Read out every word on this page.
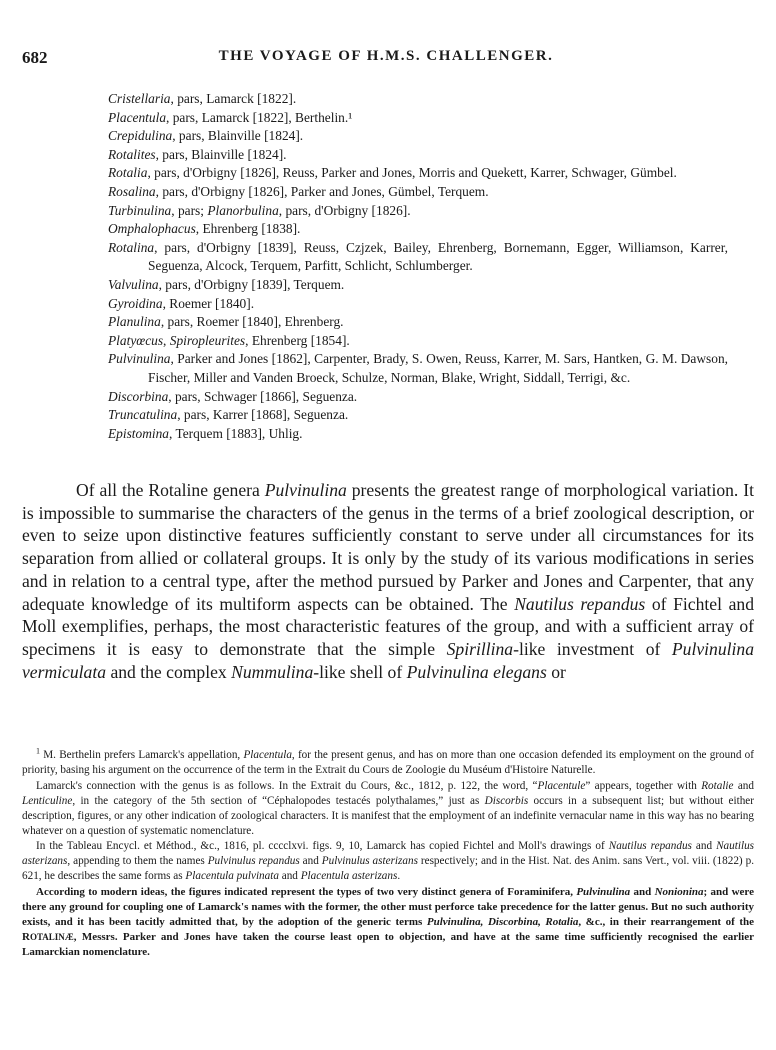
682	THE VOYAGE OF H.M.S. CHALLENGER.

Cristellaria, pars, Lamarck [1822].

Placentula, pars, Lamarck [1822], Berthelin.¹

Crepidulina, pars, Blainville [1824].

Rotalites, pars, Blainville [1824].

Rotalia, pars, d'Orbigny [1826], Reuss, Parker and Jones, Morris and Quekett, Karrer, Schwager, Gümbel.

Rosalina, pars, d'Orbigny [1826], Parker and Jones, Gümbel, Terquem.

Turbinulina, pars; Planorbulina, pars, d'Orbigny [1826].

Omphalophacus, Ehrenberg [1838].

Rotalina, pars, d'Orbigny [1839], Reuss, Czjzek, Bailey, Ehrenberg, Bornemann, Egger, Williamson, Karrer, Seguenza, Alcock, Terquem, Parfitt, Schlicht, Schlumberger.

Valvulina, pars, d'Orbigny [1839], Terquem.

Gyroidina, Roemer [1840].

Planulina, pars, Roemer [1840], Ehrenberg.

Platyœcus, Spiropleurites, Ehrenberg [1854].

Pulvinulina, Parker and Jones [1862], Carpenter, Brady, S. Owen, Reuss, Karrer, M. Sars, Hantken, G. M. Dawson, Fischer, Miller and Vanden Broeck, Schulze, Norman, Blake, Wright, Siddall, Terrigi, &c.

Discorbina, pars, Schwager [1866], Seguenza.

Truncatulina, pars, Karrer [1868], Seguenza.

Epistomina, Terquem [1883], Uhlig.

Of all the Rotaline genera Pulvinulina presents the greatest range of morphological variation. It is impossible to summarise the characters of the genus in the terms of a brief zoological description, or even to seize upon distinctive features sufficiently constant to serve under all circumstances for its separation from allied or collateral groups. It is only by the study of its various modifications in series and in relation to a central type, after the method pursued by Parker and Jones and Carpenter, that any adequate knowledge of its multiform aspects can be obtained. The Nautilus repandus of Fichtel and Moll exemplifies, perhaps, the most characteristic features of the group, and with a sufficient array of specimens it is easy to demonstrate that the simple Spirillina-like investment of Pulvinulina vermiculata and the complex Nummulina-like shell of Pulvinulina elegans or

$^1$ M. Berthelin prefers Lamarck's appellation, Placentula, for the present genus, and has on more than one occasion defended its employment on the ground of priority, basing his argument on the occurrence of the term in the Extrait du Cours de Zoologie du Muséum d'Histoire Naturelle.

Lamarck's connection with the genus is as follows. In the Extrait du Cours, &c., 1812, p. 122, the word, “Placentule” appears, together with Rotalie and Lenticuline, in the category of the 5th section of “Céphalopodes testacés polythalames,” just as Discorbis occurs in a subsequent list; but without either description, figures, or any other indication of zoological characters. It is manifest that the employment of an indefinite vernacular name in this way has no bearing whatever on a question of systematic nomenclature.

In the Tableau Encycl. et Méthod., &c., 1816, pl. cccclxvi. figs. 9, 10, Lamarck has copied Fichtel and Moll's drawings of Nautilus repandus and Nautilus asterizans, appending to them the names Pulvinulus repandus and Pulvinulus asterizans respectively; and in the Hist. Nat. des Anim. sans Vert., vol. viii. (1822) p. 621, he describes the same forms as Placentula pulvinata and Placentula asterizans.

According to modern ideas, the figures indicated represent the types of two very distinct genera of Foraminifera, Pulvinulina and Nonionina; and were there any ground for coupling one of Lamarck's names with the former, the other must perforce take precedence for the latter genus. But no such authority exists, and it has been tacitly admitted that, by the adoption of the generic terms Pulvinulina, Discorbina, Rotalia, &c., in their rearrangement of the ROTALINÆ, Messrs. Parker and Jones have taken the course least open to objection, and have at the same time sufficiently recognised the earlier Lamarckian nomenclature.
